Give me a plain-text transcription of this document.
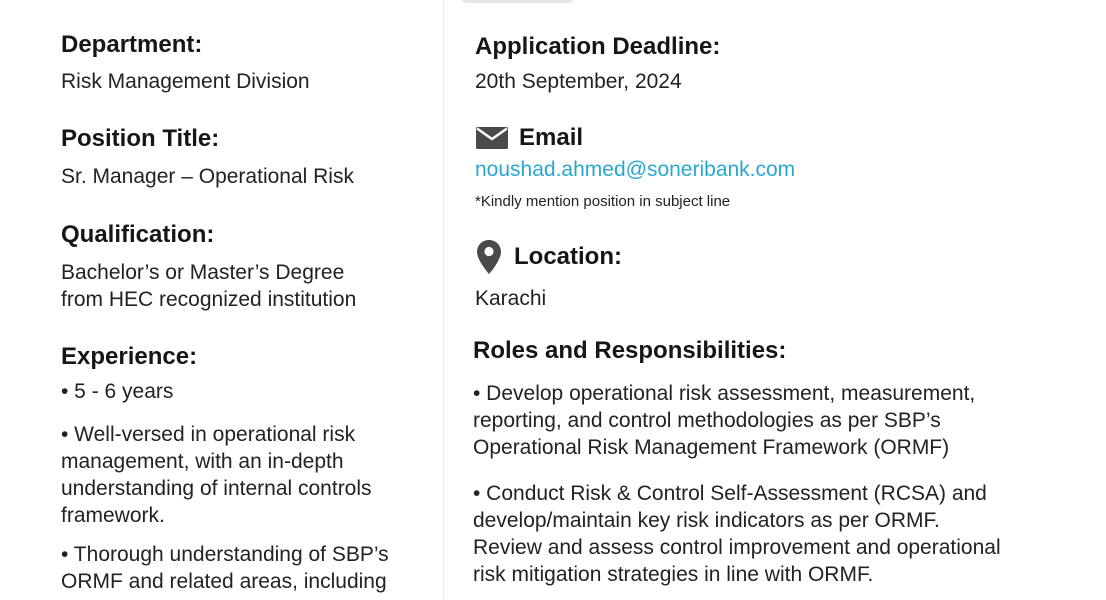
Department:
Risk Management Division
Position Title:
Sr. Manager – Operational Risk
Qualification:
Bachelor’s or Master’s Degree
from HEC recognized institution
Experience:
• 5 - 6 years
• Well-versed in operational risk
management, with an in-depth
understanding of internal controls
framework.
• Thorough understanding of SBP’s
ORMF and related areas, including
Application Deadline:
20th September, 2024
Email
noushad.ahmed@soneribank.com
*Kindly mention position in subject line
Location:
Karachi
Roles and Responsibilities:
• Develop operational risk assessment, measurement,
reporting, and control methodologies as per SBP’s
Operational Risk Management Framework (ORMF)
• Conduct Risk & Control Self-Assessment (RCSA) and
develop/maintain key risk indicators as per ORMF.
Review and assess control improvement and operational
risk mitigation strategies in line with ORMF.
